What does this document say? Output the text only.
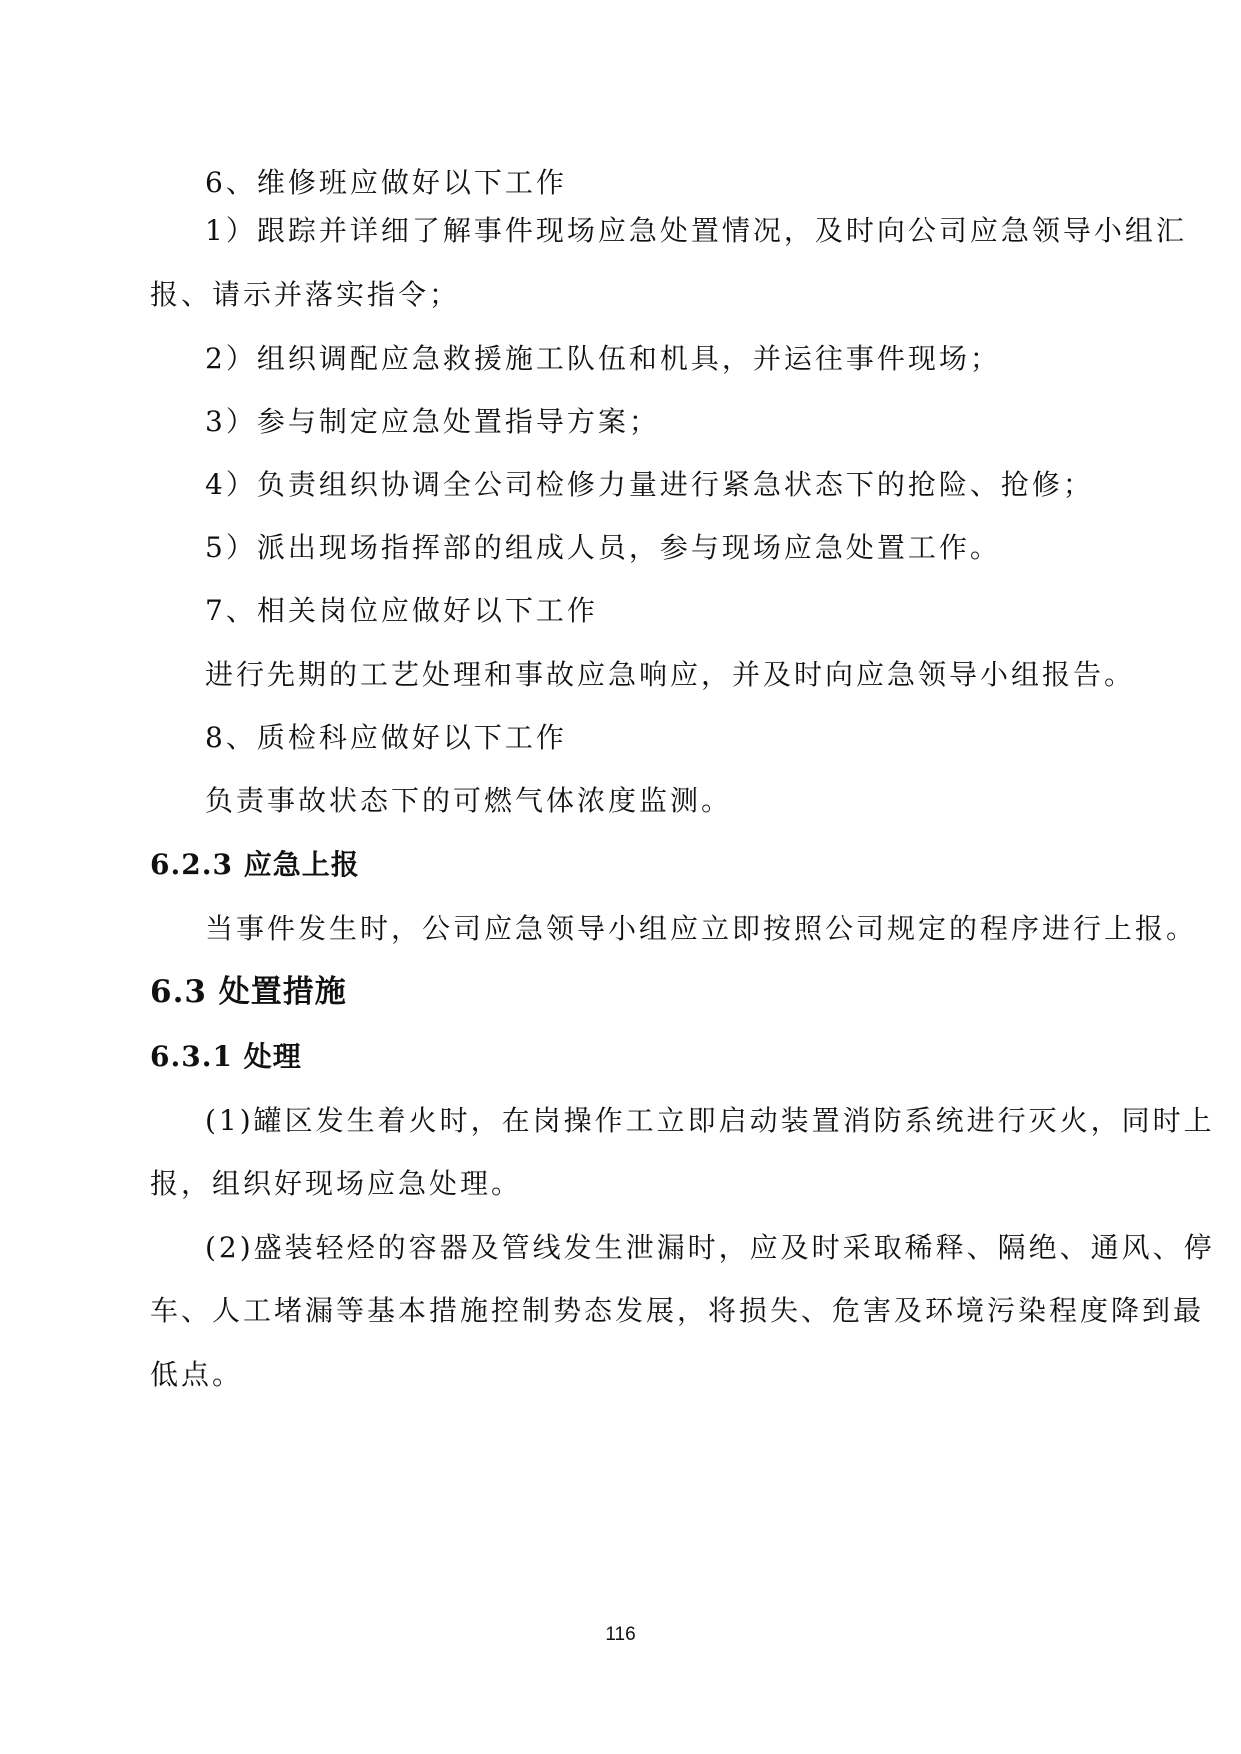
6、维修班应做好以下工作
1）跟踪并详细了解事件现场应急处置情况，及时向公司应急领导小组汇
报、请示并落实指令；
2）组织调配应急救援施工队伍和机具，并运往事件现场；
3）参与制定应急处置指导方案；
4）负责组织协调全公司检修力量进行紧急状态下的抢险、抢修；
5）派出现场指挥部的组成人员，参与现场应急处置工作。
7、相关岗位应做好以下工作
进行先期的工艺处理和事故应急响应，并及时向应急领导小组报告。
8、质检科应做好以下工作
负责事故状态下的可燃气体浓度监测。
6.2.3 应急上报
当事件发生时，公司应急领导小组应立即按照公司规定的程序进行上报。
6.3 处置措施
6.3.1 处理
(1)罐区发生着火时，在岗操作工立即启动装置消防系统进行灭火，同时上
报，组织好现场应急处理。
(2)盛装轻烃的容器及管线发生泄漏时，应及时采取稀释、隔绝、通风、停
车、人工堵漏等基本措施控制势态发展，将损失、危害及环境污染程度降到最
低点。
116
